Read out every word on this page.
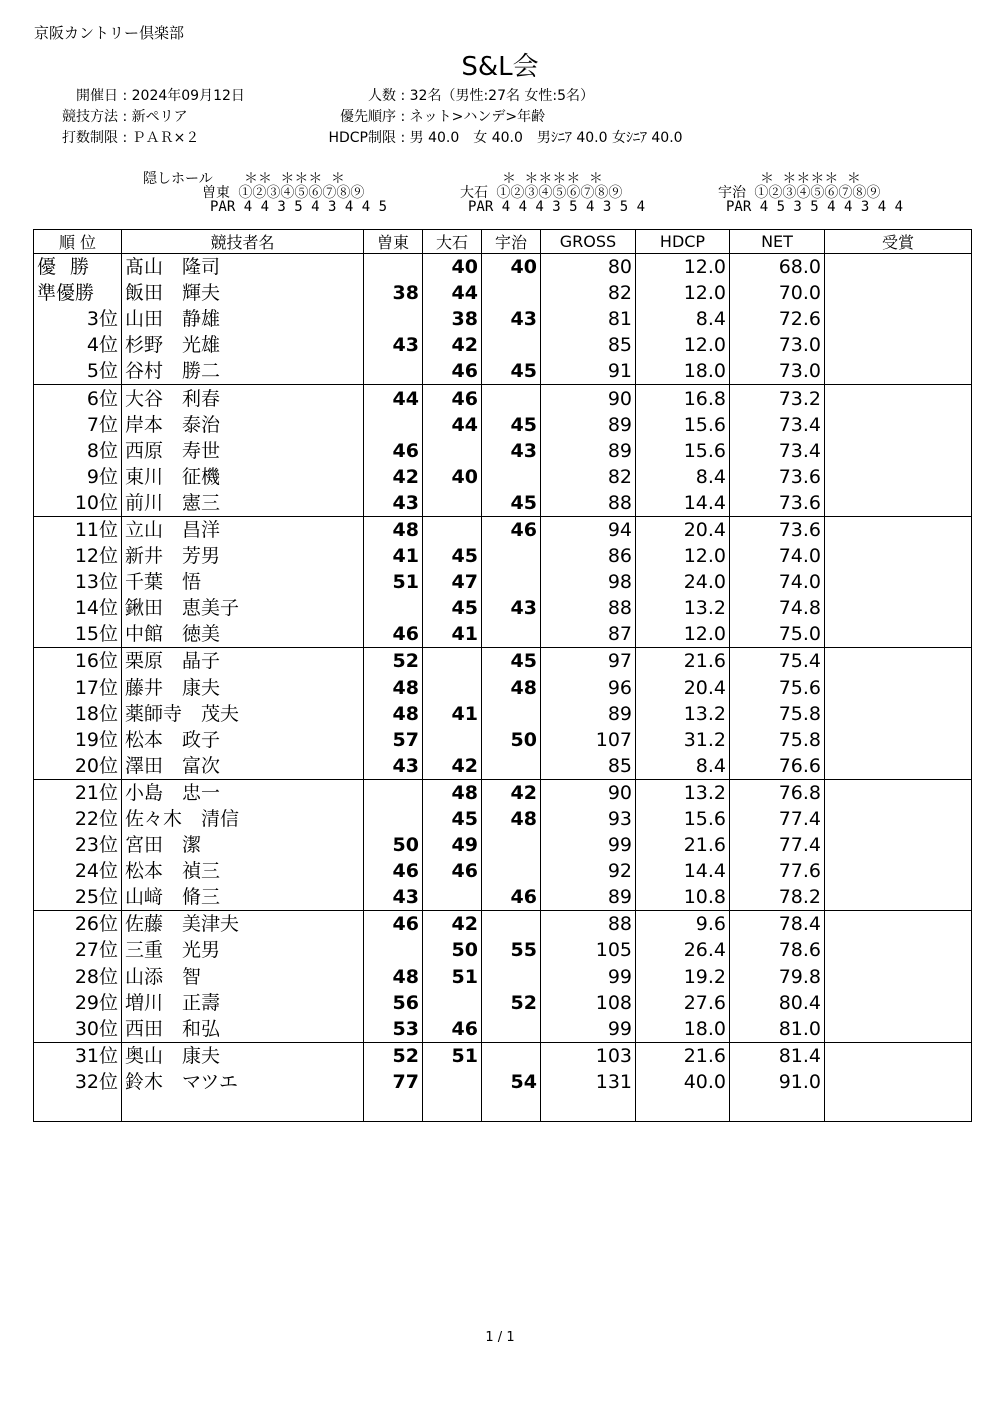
京阪カントリー倶楽部
S&L会
開催日 : 2024年09月12日
競技方法 : 新ペリア
打数制限 : ＰＡＲ×２
人数 : 32名（男性:27名 女性:5名）
優先順序 : ネット>ハンデ>年齢
HDCP制限 : 男 40.0　女 40.0　男ｼﾆｱ 40.0 女ｼﾆｱ 40.0
隠しホール	＊＊ ＊＊＊ ＊
曽東 ①②③④⑤⑥⑦⑧⑨
PAR 4 4 3 5 4 3 4 4 5
＊ ＊＊＊＊ ＊
大石 ①②③④⑤⑥⑦⑧⑨
PAR 4 4 4 3 5 4 3 5 4
＊ ＊＊＊＊ ＊
宇治 ①②③④⑤⑥⑦⑧⑨
PAR 4 5 3 5 4 4 3 4 4
順 位	競技者名	曽東	大石	宇治	GROSS	HDCP	NET	受賞
優勝	髙山　隆司		40	40	80	12.0	68.0	
準優勝	飯田　輝夫	38	44		82	12.0	70.0	
3位	山田　静雄		38	43	81	8.4	72.6	
4位	杉野　光雄	43	42		85	12.0	73.0	
5位	谷村　勝二		46	45	91	18.0	73.0	
6位	大谷　利春	44	46		90	16.8	73.2	
7位	岸本　泰治		44	45	89	15.6	73.4	
8位	西原　寿世	46		43	89	15.6	73.4	
9位	東川　征機	42	40		82	8.4	73.6	
10位	前川　憲三	43		45	88	14.4	73.6	
11位	立山　昌洋	48		46	94	20.4	73.6	
12位	新井　芳男	41	45		86	12.0	74.0	
13位	千葉　悟	51	47		98	24.0	74.0	
14位	鍬田　恵美子		45	43	88	13.2	74.8	
15位	中館　徳美	46	41		87	12.0	75.0	
16位	栗原　晶子	52		45	97	21.6	75.4	
17位	藤井　康夫	48		48	96	20.4	75.6	
18位	薬師寺　茂夫	48	41		89	13.2	75.8	
19位	松本　政子	57		50	107	31.2	75.8	
20位	澤田　富次	43	42		85	8.4	76.6	
21位	小島　忠一		48	42	90	13.2	76.8	
22位	佐々木　清信		45	48	93	15.6	77.4	
23位	宮田　潔	50	49		99	21.6	77.4	
24位	松本　禎三	46	46		92	14.4	77.6	
25位	山﨑　脩三	43		46	89	10.8	78.2	
26位	佐藤　美津夫	46	42		88	9.6	78.4	
27位	三重　光男		50	55	105	26.4	78.6	
28位	山添　智	48	51		99	19.2	79.8	
29位	増川　正壽	56		52	108	27.6	80.4	
30位	西田　和弘	53	46		99	18.0	81.0	
31位	奥山　康夫	52	51		103	21.6	81.4	
32位	鈴木　マツエ	77		54	131	40.0	91.0	

1 / 1
